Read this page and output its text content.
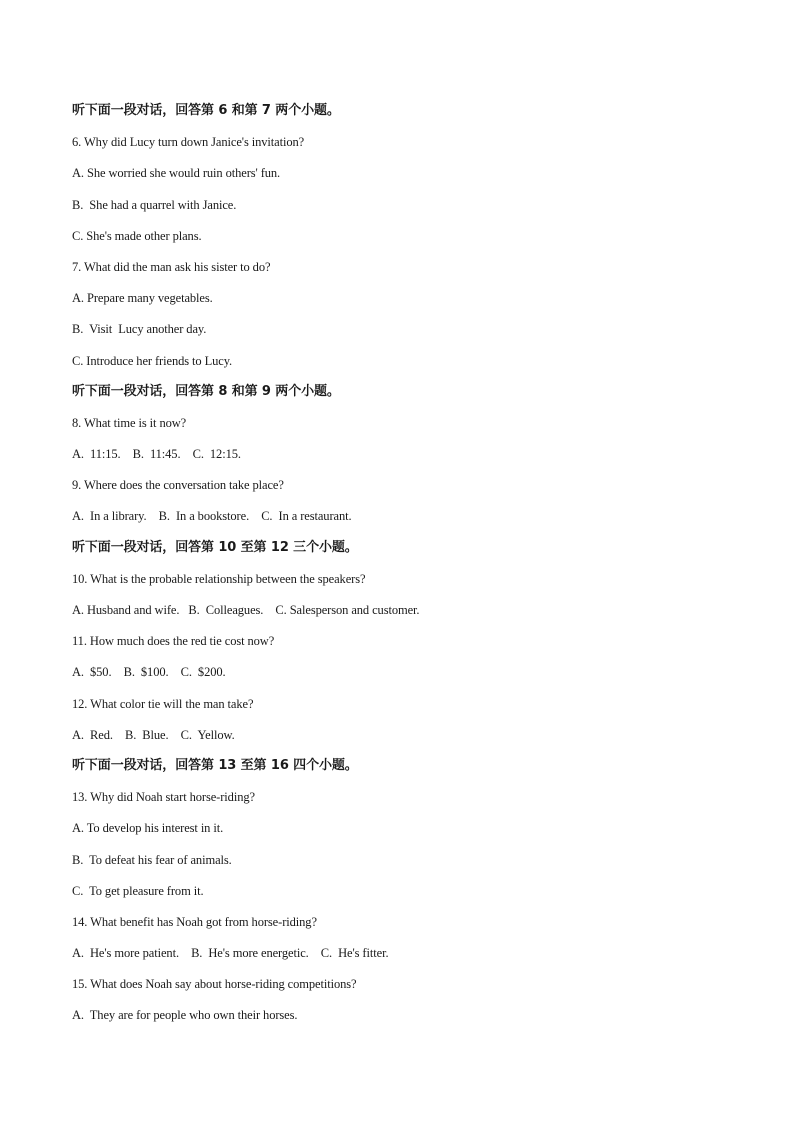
听下面一段对话，回答第 6 和第 7 两个小题。
6. Why did Lucy turn down Janice's invitation?
A. She worried she would ruin others' fun.
B.  She had a quarrel with Janice.
C. She's made other plans.
7. What did the man ask his sister to do?
A. Prepare many vegetables.
B.  Visit  Lucy another day.
C. Introduce her friends to Lucy.
听下面一段对话，回答第 8 和第 9 两个小题。
8. What time is it now?
A.  11:15.    B.  11:45.    C.  12:15.
9. Where does the conversation take place?
A.  In a library.    B.  In a bookstore.    C.  In a restaurant.
听下面一段对话，回答第 10 至第 12 三个小题。
10. What is the probable relationship between the speakers?
A. Husband and wife.   B.  Colleagues.    C. Salesperson and customer.
11. How much does the red tie cost now?
A.  $50.    B.  $100.    C.  $200.
12. What color tie will the man take?
A.  Red.    B.  Blue.    C.  Yellow.
听下面一段对话，回答第 13 至第 16 四个小题。
13. Why did Noah start horse-riding?
A. To develop his interest in it.
B.  To defeat his fear of animals.
C.  To get pleasure from it.
14. What benefit has Noah got from horse-riding?
A.  He's more patient.    B.  He's more energetic.    C.  He's fitter.
15. What does Noah say about horse-riding competitions?
A.  They are for people who own their horses.
